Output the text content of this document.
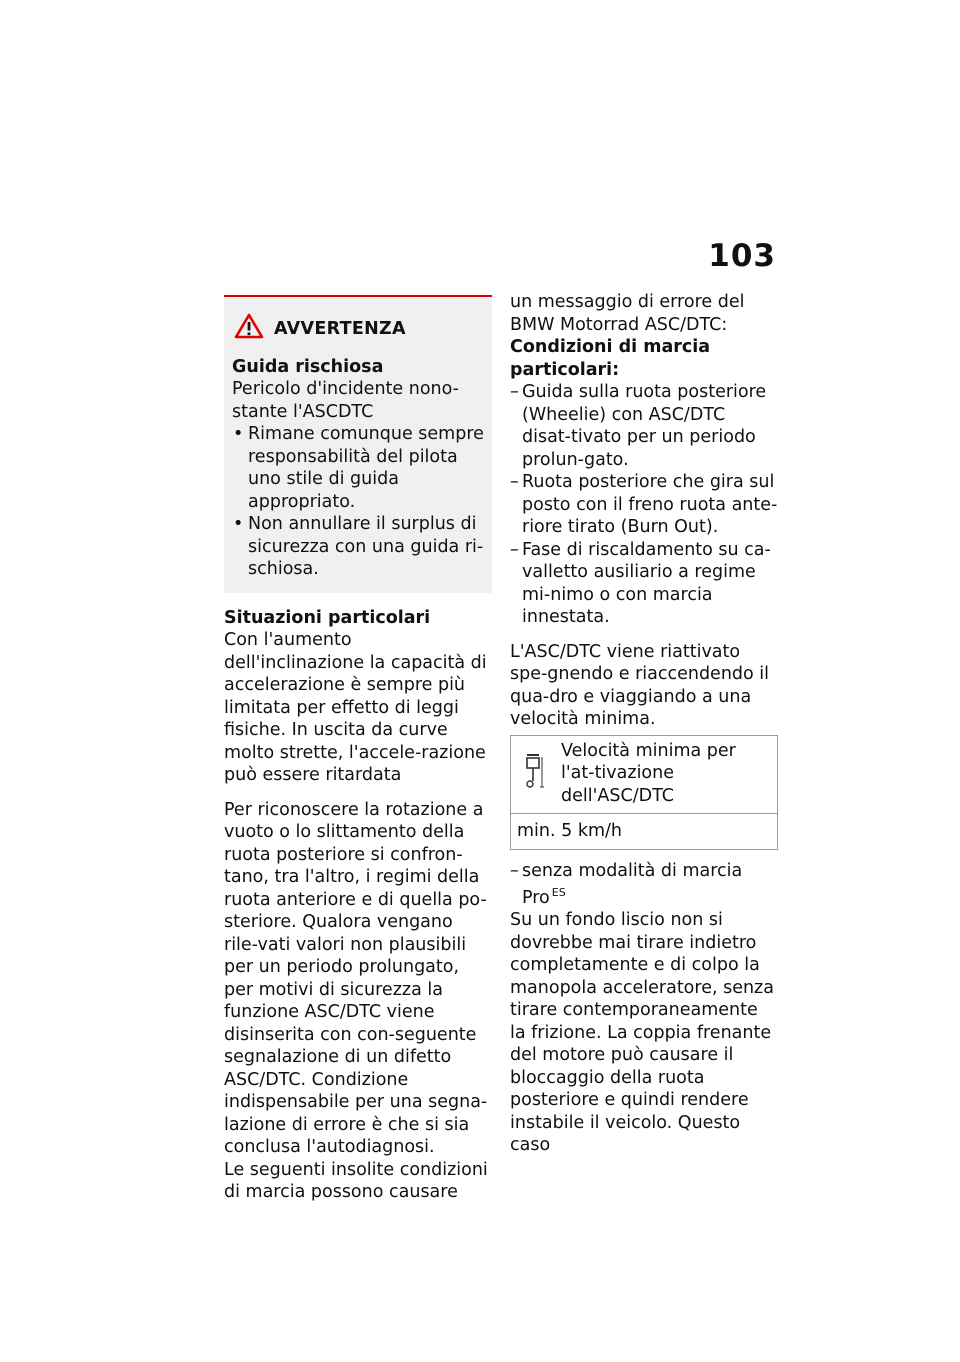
103
AVVERTENZA
Guida rischiosa
Pericolo d'incidente nono-stante l'ASCDTC
• Rimane comunque sempre responsabilità del pilota uno stile di guida appropriato.
• Non annullare il surplus di sicurezza con una guida ri-schiosa.
Situazioni particolari

Con l'aumento dell'inclinazione la capacità di accelerazione è sempre più limitata per effetto di leggi fisiche. In uscita da curve molto strette, l'accele-razione può essere ritardata

Per riconoscere la rotazione a vuoto o lo slittamento della ruota posteriore si confron-tano, tra l'altro, i regimi della ruota anteriore e di quella po-steriore. Qualora vengano rile-vati valori non plausibili per un periodo prolungato, per motivi di sicurezza la funzione ASC/DTC viene disinserita con con-seguente segnalazione di un difetto ASC/DTC. Condizione indispensabile per una segna-lazione di errore è che si sia conclusa l'autodiagnosi.

Le seguenti insolite condizioni di marcia possono causare

un messaggio di errore del BMW Motorrad ASC/DTC:

Condizioni di marcia particolari:
– Guida sulla ruota posteriore (Wheelie) con ASC/DTC disat-tivato per un periodo prolun-gato.
– Ruota posteriore che gira sul posto con il freno ruota ante-riore tirato (Burn Out).
– Fase di riscaldamento su ca-valletto ausiliario a regime mi-nimo o con marcia innestata.

L'ASC/DTC viene riattivato spe-gnendo e riaccendendo il qua-dro e viaggiando a una velocità minima.

	Velocità minima per l'at-tivazione dell'ASC/DTC
min. 5 km/h
– senza modalità di marcia
Pro $^{ES}$

Su un fondo liscio non si dovrebbe mai tirare indietro completamente e di colpo la manopola acceleratore, senza tirare contemporaneamente la frizione. La coppia frenante del motore può causare il bloccaggio della ruota posteriore e quindi rendere instabile il veicolo. Questo caso
